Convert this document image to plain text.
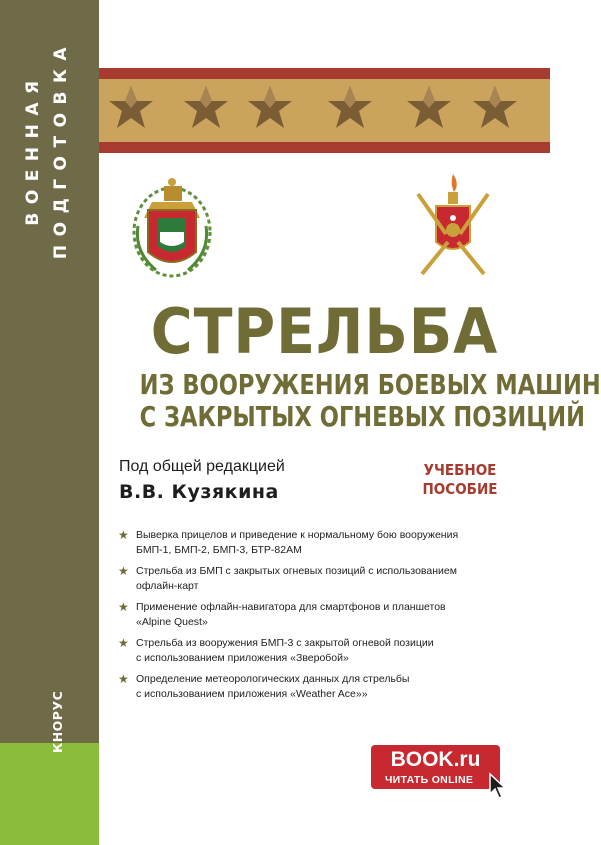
ВОЕННАЯ ПОДГОТОВКА
КНОРУС
СТРЕЛЬБА
ИЗ ВООРУЖЕНИЯ БОЕВЫХ МАШИН
С ЗАКРЫТЫХ ОГНЕВЫХ ПОЗИЦИЙ
Под общей редакцией
В.В. Кузякина
УЧЕБНОЕ
ПОСОБИЕ
★ Выверка прицелов и приведение к нормальному бою вооружения
БМП-1, БМП-2, БМП-3, БТР-82АМ
★ Стрельба из БМП с закрытых огневых позиций с использованием
офлайн-карт
★ Применение офлайн-навигатора для смартфонов и планшетов
«Alpine Quest»
★ Стрельба из вооружения БМП-3 с закрытой огневой позиции
с использованием приложения «Зверобой»
★ Определение метеорологических данных для стрельбы
с использованием приложения «Weather Ace»»
BOOK.ru
ЧИТАТЬ ONLINE
